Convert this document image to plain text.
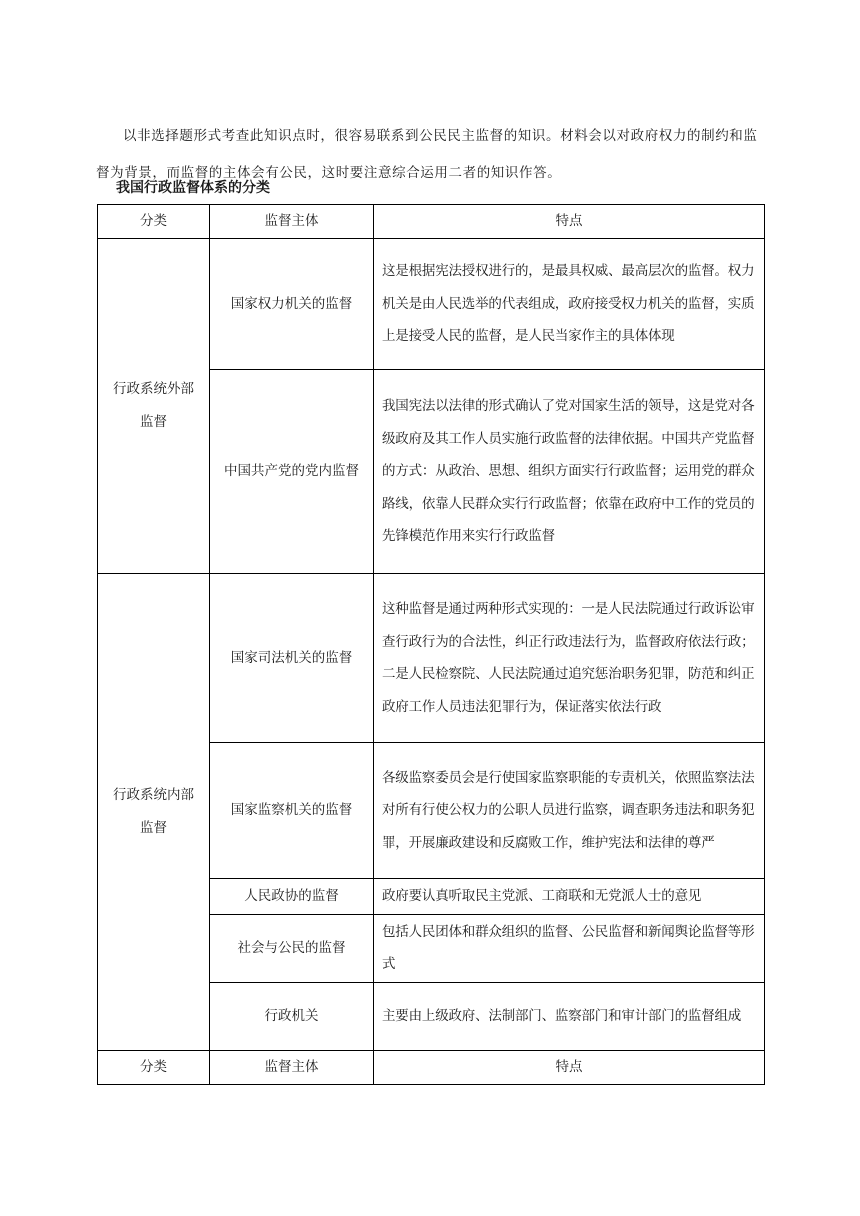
以非选择题形式考查此知识点时，很容易联系到公民民主监督的知识。材料会以对政府权力的制约和监督为背景，而监督的主体会有公民，这时要注意综合运用二者的知识作答。

我国行政监督体系的分类
分类	监督主体	特点
行政系统外部监督	国家权力机关的监督	这是根据宪法授权进行的，是最具权威、最高层次的监督。权力机关是由人民选举的代表组成，政府接受权力机关的监督，实质上是接受人民的监督，是人民当家作主的具体体现
	中国共产党的党内监督	我国宪法以法律的形式确认了党对国家生活的领导，这是党对各级政府及其工作人员实施行政监督的法律依据。中国共产党监督的方式：从政治、思想、组织方面实行行政监督；运用党的群众路线，依靠人民群众实行行政监督；依靠在政府中工作的党员的先锋模范作用来实行行政监督
行政系统内部监督	国家司法机关的监督	这种监督是通过两种形式实现的：一是人民法院通过行政诉讼审查行政行为的合法性，纠正行政违法行为，监督政府依法行政；二是人民检察院、人民法院通过追究惩治职务犯罪，防范和纠正政府工作人员违法犯罪行为，保证落实依法行政
	国家监察机关的监督	各级监察委员会是行使国家监察职能的专责机关，依照监察法法对所有行使公权力的公职人员进行监察，调查职务违法和职务犯罪，开展廉政建设和反腐败工作，维护宪法和法律的尊严
	人民政协的监督	政府要认真听取民主党派、工商联和无党派人士的意见
	社会与公民的监督	包括人民团体和群众组织的监督、公民监督和新闻舆论监督等形式
	行政机关	主要由上级政府、法制部门、监察部门和审计部门的监督组成
分类	监督主体	特点
